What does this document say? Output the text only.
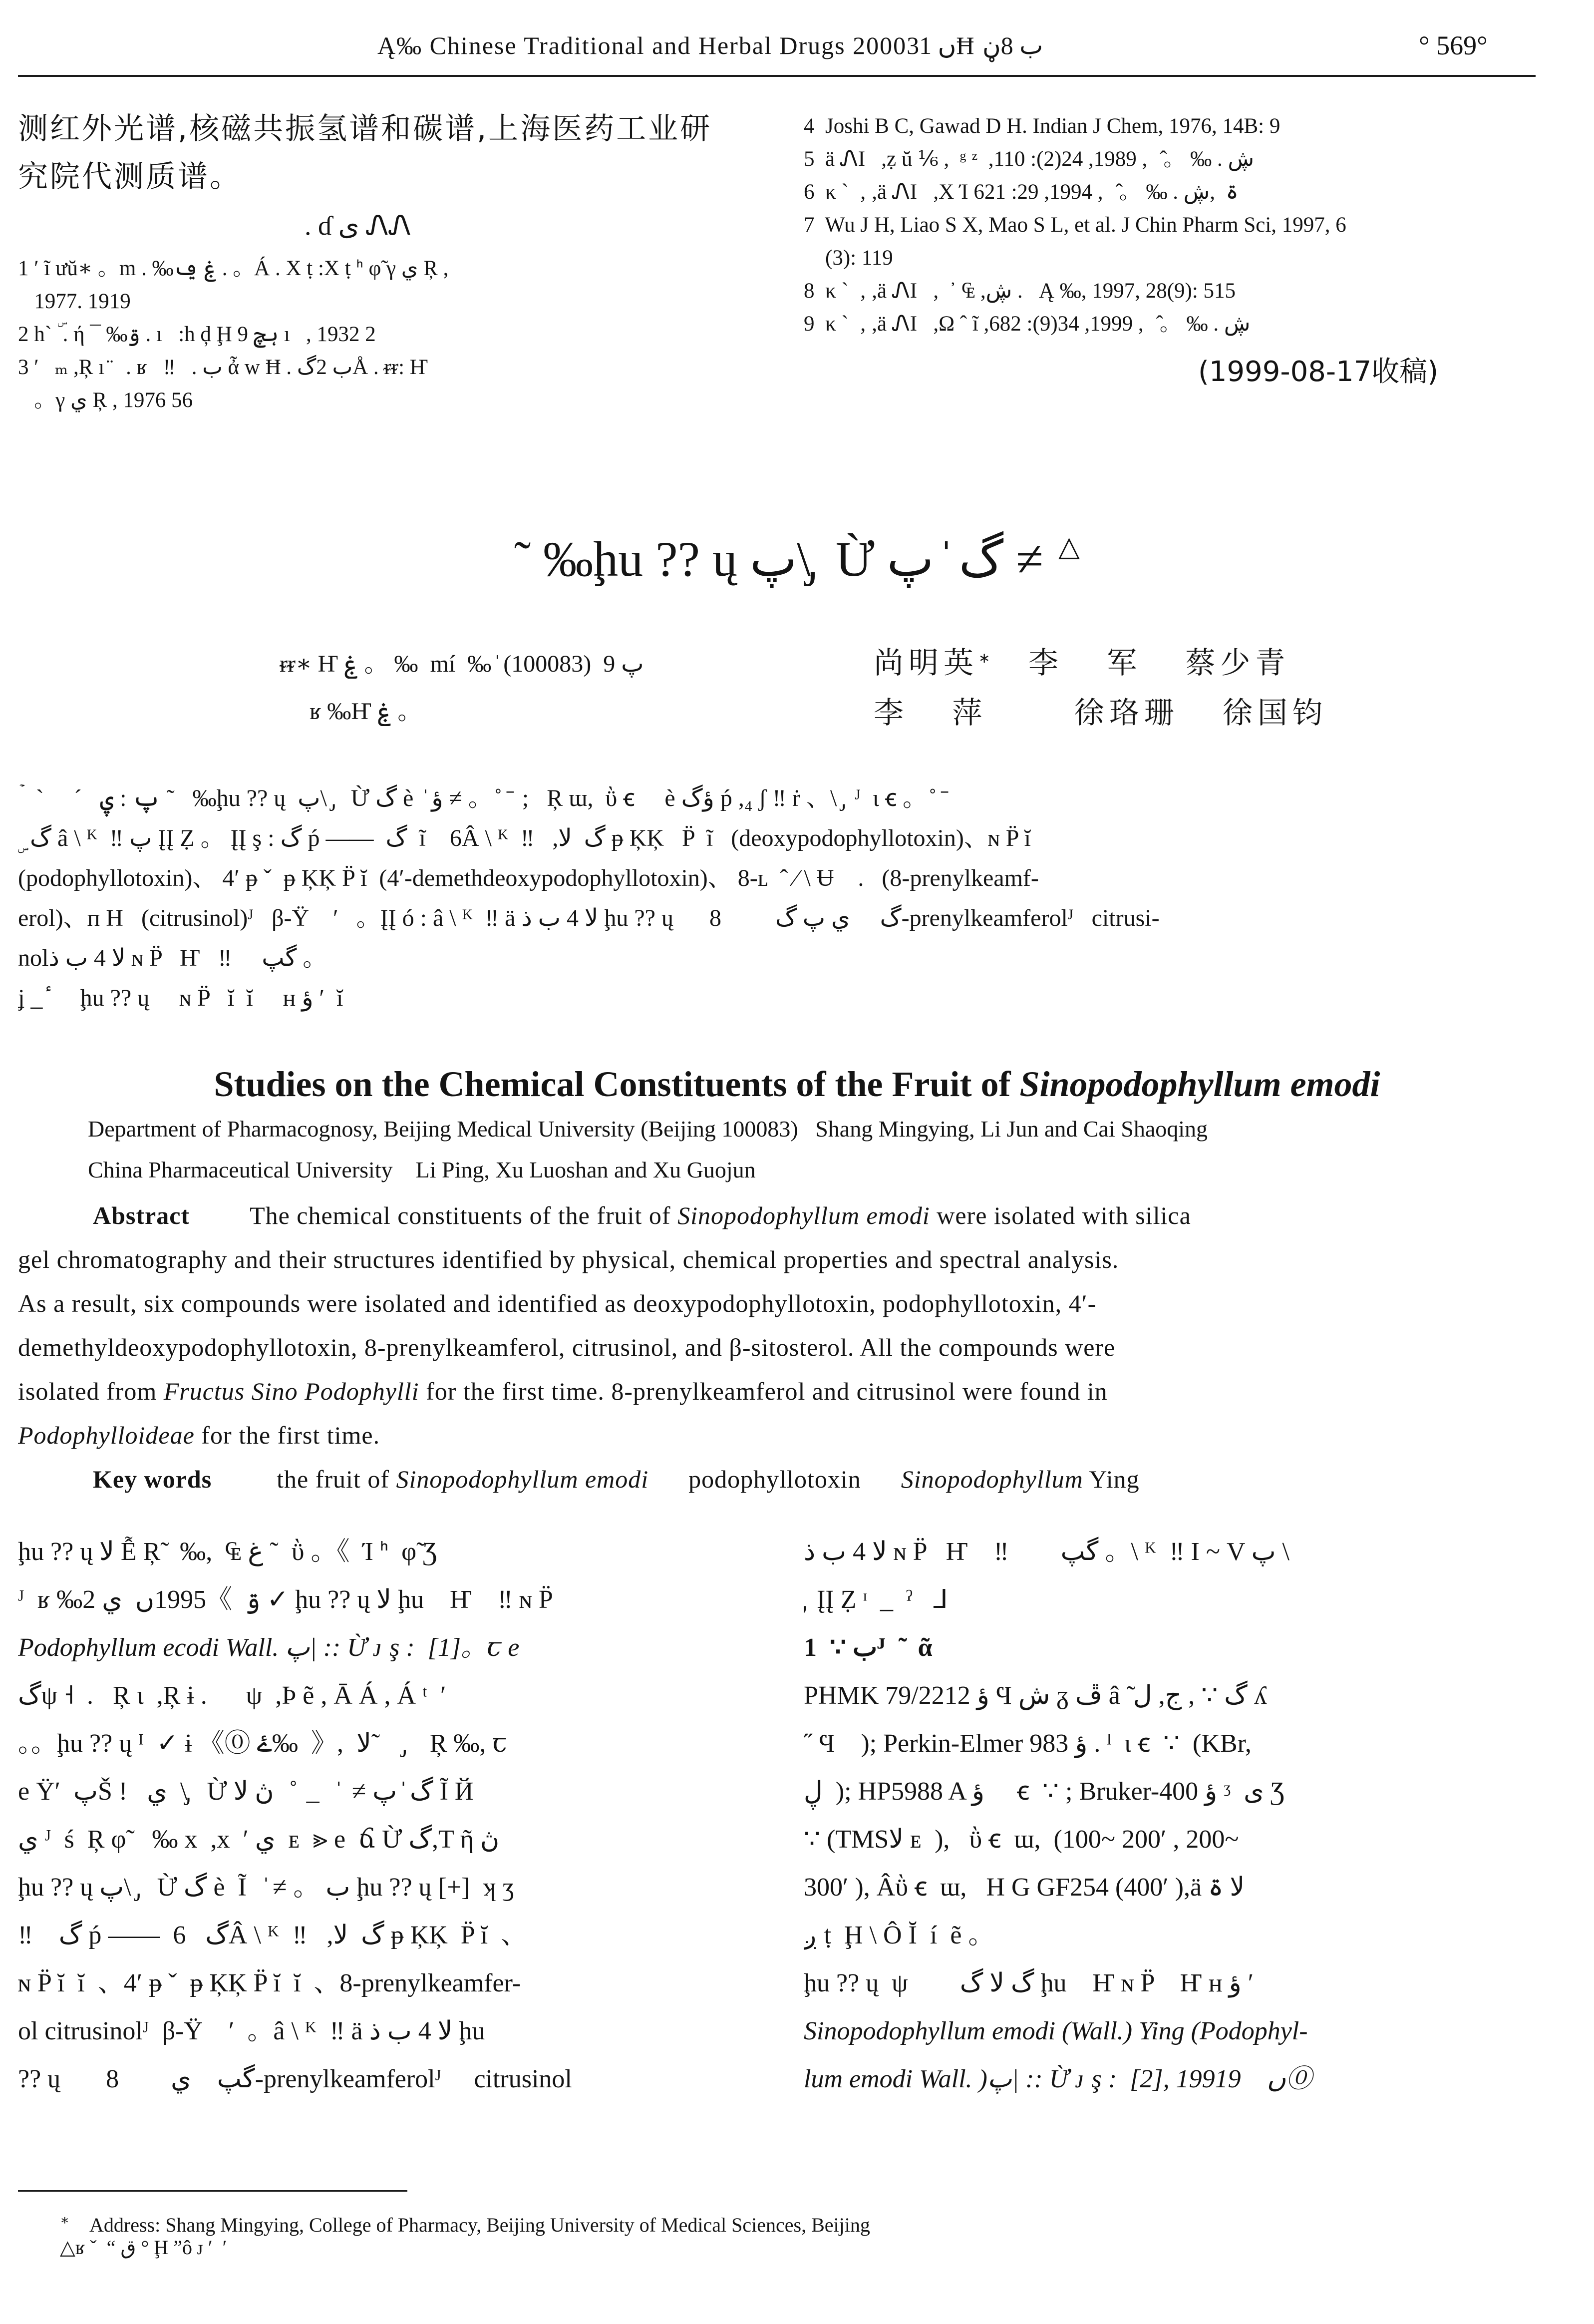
Ą‰ Chinese Traditional and Herbal Drugs 2000ں 31Ħ ب 8ڼ	° 569°
测红外光谱,核磁共振氢谱和碳谱,上海医药工业研
究院代测质谱。
. ɗ ى ᏁᏁ
1 ′ ĩ ưŭ∗ 。m . ‰ۼ ݠ . 。Á . Χ ṭ :Χ ṭ ᑋ φ̃ γ ي Ŗ ,
1977. 1919
2 h` ۜ . ή ¯ ‰ۊ . ı   :h ḑ Ḩ 9 ہچ ı   , 1932 2
3 ′   ₘ ,Ŗ ı ̈   . ʁ   ‼   . ب ἆ w Ħ . ب 2گÅ . ᵲᵲ: Ҥ
。γ ي Ŗ , 1976 56
4  Joshi B C, Gawad D H. Indian J Chem, 1976, 14B: 9
5  ä ᏁΙ   ,ẓ ŭ ⅙ ,  ᵍ ᶻ  ,ڜ . ‰ 。 ̂  , 1989, 24(2): 110
6  κ ˋ  ‚ ,ä ᏁΙ   ,Χ Ί ۃ  ,ڜ . ‰ 。 ̂  , 1994, 29: 621
7  Wu J H, Liao S X, Mao S L, et al. J Chin Pharm Sci, 1997, 6
(3): 119
8  κ ˋ  ‚ ,ä ᏁΙ   ,  ᾽ ₠ ,ڜ .   Ą ‰, 1997, 28(9): 515
9  κ ˋ  ‚ ,ä ᏁΙ   ,Ω ˆ ĩ ,ڜ . ‰ 。 ̂  , 1999, 34(9): 682
(1999-08-17收稿)
˜ ‰ḩu ?? ų پ\ ̡ Ừ گ ̍ پ ≠ △
ᵲᵲ∗ Ҥ ۼ 。 ‰  mí  ‰ ̍ پ 9  (100083)
ʁ ‰Ҥ ۼ 。
尚明英∗ 李   军   蔡少青
李   萍      徐珞珊   徐国钧
ۡ   ˋ     ˊ   پ : ۑ ˜   ‰ḩu ?? ų  پ\  ̡  Ừ گ è  ̍ ؤ ≠ 。 ̊  ̄  ;   Ŗ ɯ,  ῢ ꞓ     è ؤگ ṕ ,₄ ʃ ‼ ṙ 、\ ̡  ᴶ  ɩ ꞓ 。 ̊  ̄
ۣ  گ â \ ᴷ  ‼ پ ĮĮ Ẓ 。 ĮĮ ş : گ ṕ ——  گ  ĩ    6Â \ ᴷ  ‼   ,گ  ﻻ ᵽ ĶĶ   P̈  ĩ   (deoxypodophyllotoxin)、ɴ P̈ ĭ
(podophyllotoxin)、 4′ ᵽ ˇ  ᵽ ĶĶ P̈ ĭ  (4′-demethdeoxypodophyllotoxin)、 8-ʟ  ˆ ∕ \ Ʉ    .   (8-prenylkeamf-
erol)、ᴨ H   (citrusinol)ᴶ   β-Ÿ    ʹ   。ĮĮ ó : â \ ᴷ  ‼ ä ﻻ 4 ب ذ ḩu ?? ų      گ     ي پ گ         8-prenylkeamferolᴶ   citrusi-
nolﻻ 4 ب ذ ɴ P̈   Ҥ   ‼     گپ 。
ʝ _ ٔ     ḩu ?? ų     ɴ P̈   ĭ  ĭ     ʜ ؤ ʹ  ĭ
Studies on the Chemical Constituents of the Fruit of Sinopodophyllum emodi
Department of Pharmacognosy, Beijing Medical University (Beijing 100083)   Shang Mingying, Li Jun and Cai Shaoqing
China Pharmaceutical University    Li Ping, Xu Luoshan and Xu Guojun
Abstract The chemical constituents of the fruit of Sinopodophyllum emodi were isolated with silica
gel chromatography and their structures identified by physical, chemical properties and spectral analysis.
As a result, six compounds were isolated and identified as deoxypodophyllotoxin, podophyllotoxin, 4′-
demethyldeoxypodophyllotoxin, 8-prenylkeamferol, citrusinol, and β-sitosterol. All the compounds were
isolated from Fructus Sino Podophylli for the first time. 8-prenylkeamferol and citrusinol were found in
Podophylloideae for the first time.
Key words	the fruit of Sinopodophyllum emodi podophyllotoxin Sinopodophyllum Ying
ḩu ?? ų ﻻ Ễ Ŗ̃   ‰,  ₠ غ ˜  ῢ 。《  Ί ᑋ  φ̃ Ʒ
ᴶ  ʁ ‰ۊ  》1995ں  ي 2 ✓ ḩu ?? ų ﻻ ḩu    Ҥ    ‼ ɴ P̈
Podophyllum ecodi Wall. پ| :: Ừ ᴊ ş :  [1]。ꞇ e
گψ ˧  .   Ŗ ɩ  ,Ŗ ɨ .      ψ  ,Þ ẽ , Ā Á , Á ᵗ  ′
。。ḩu ?? ų ᴵ  ✓ ɨ 《⓪ ۓ‰  》,  ﻻ ̃     ̡   Ŗ ‰, ꞇ
e Ÿ′  پŠ !   ي  \ ̡  Ừ گ ̍ پ ≠  ̍   _  ̊   ڽ ﻻ Ĩ Й
ي ᴶ  ś  Ŗ φ̃    ‰ x  ,x  ′ ي  ᴇ  ⪢ e  ճ Ừ گ,T ῆ ڽ
ḩu ?? ų پ\  ̡  Ừ گ è  Ĩ   ̍ ≠ 。 ب ḩu ?? ų [+]  ʞ ʒ
‼    گ ṕ ——  گ   6Â \ ᴷ  ‼   ,گ  ﻻ ᵽ ĶĶ  P̈ ĭ  、
ɴ P̈ ĭ  ĭ  、4′ ᵽ ˇ  ᵽ ĶĶ P̈ ĭ  ĭ  、8-prenylkeamfer-
ol citrusinolᴶ  β-Ÿ    ʹ  。â \ ᴷ  ‼ ä ﻻ 4 ب ذ ḩu
?? ų       گپ    ي        8-prenylkeamferolᴶ     citrusinol
ﻻ 4 ب ذ ɴ P̈   Ҥ    ‼        گپ 。\ ᴷ  ‼ Ι ~ V پ \
̡  ĮĮ Ẓ ᶦ  _  ˀ   ᒧ
1  ∵ بᴶ  ̃   ᾶ
PHMK 79/2212 ؤ Ϥ ش ᵹ ڦ â ̃ گ ∵ , ج, ل ʎ
˝ Ϥ    ); Perkin-Elmer 983 ؤ . ˡ  ɩ ꞓ  ∵  (KBr,
ڸ  ); HP5988 A ؤ     ꞓ  ∵ ; Bruker-400 ؤ ᶾ  ی Ʒ
∵ (TMSﻻ ᴇ  ),   ῢ ꞓ  ɯ,  (100~ 200′ , 200~
300′ ), Âῢ ꞓ  ɯ,   H G GF254 (400′ ),ä ﻻ ۃ
ږ ṭ  Ḩ \ Ô Ĭ  í  ẽ 。
ḩu ?? ų  ψ        گ ﻻ گ ḩu    Ҥ ɴ P̈    Ҥ ʜ ؤ ʹ
Sinopodophyllum emodi (Wall.) Ying (Podophyl-
lum emodi Wall. )پ| :: Ừ ᴊ ş :  [2], 1991ں    9⓪
∗ Address: Shang Mingying, College of Pharmacy, Beijing University of Medical Sciences, Beijing
△ʁ ˇ  “ ق ° Ḩ ”ô ᴊ ′  ′
